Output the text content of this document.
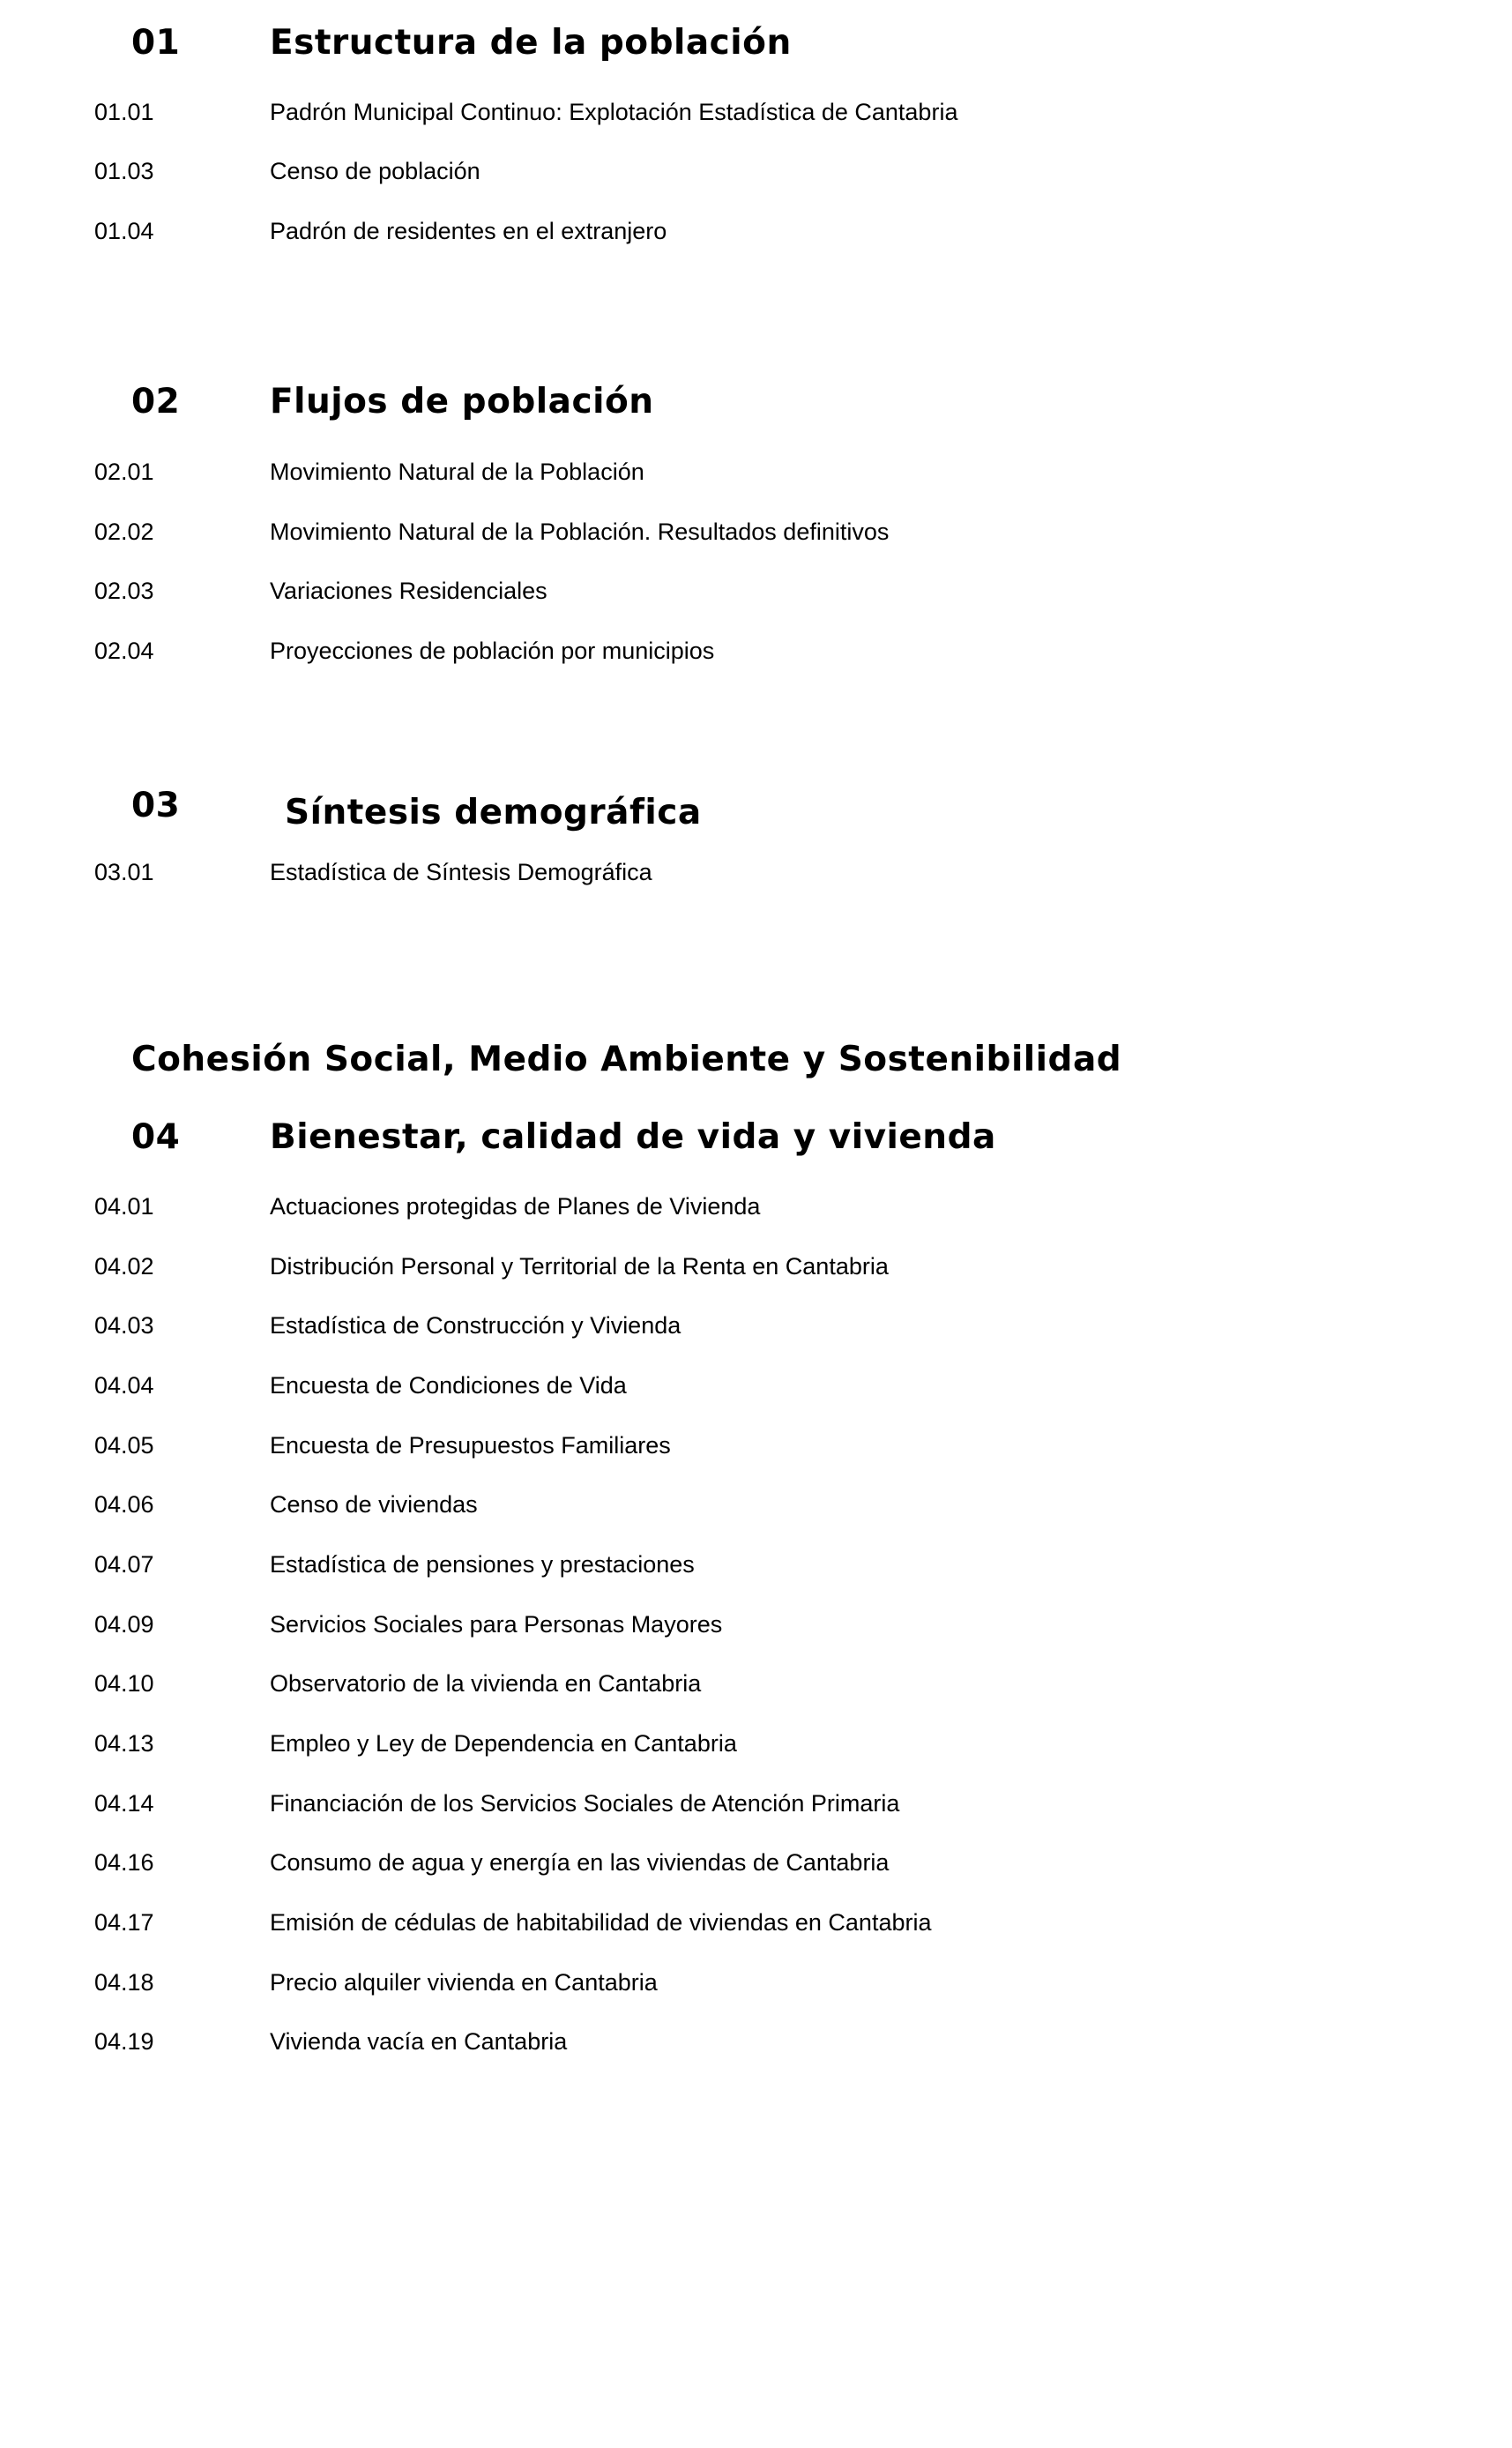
01	Estructura de la población
01.01	Padrón Municipal Continuo: Explotación Estadística de Cantabria
01.03	Censo de población
01.04	Padrón de residentes en el extranjero
02	Flujos de población
02.01	Movimiento Natural de la Población
02.02	Movimiento Natural de la Población. Resultados definitivos
02.03	Variaciones Residenciales
02.04	Proyecciones de población por municipios
03	Síntesis demográfica
03.01	Estadística de Síntesis Demográfica
Cohesión Social, Medio Ambiente y Sostenibilidad
04	Bienestar, calidad de vida y vivienda
04.01	Actuaciones protegidas de Planes de Vivienda
04.02	Distribución Personal y Territorial de la Renta en Cantabria
04.03	Estadística de Construcción y Vivienda
04.04	Encuesta de Condiciones de Vida
04.05	Encuesta de Presupuestos Familiares
04.06	Censo de viviendas
04.07	Estadística de pensiones y prestaciones
04.09	Servicios Sociales para Personas Mayores
04.10	Observatorio de la vivienda en Cantabria
04.13	Empleo y Ley de Dependencia en Cantabria
04.14	Financiación de los Servicios Sociales de Atención Primaria
04.16	Consumo de agua y energía en las viviendas de Cantabria
04.17	Emisión de cédulas de habitabilidad de viviendas en Cantabria
04.18	Precio alquiler vivienda en Cantabria
04.19	Vivienda vacía en Cantabria
